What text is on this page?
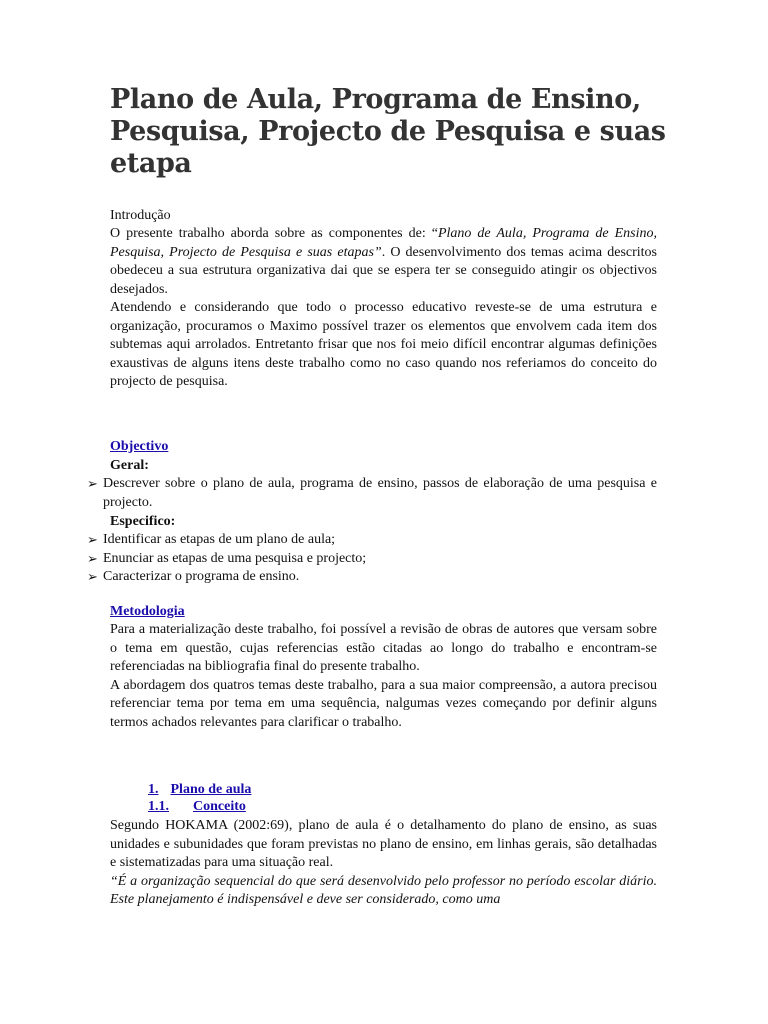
Plano de Aula, Programa de Ensino, Pesquisa, Projecto de Pesquisa e suas etapa

Introdução

O presente trabalho aborda sobre as componentes de: “Plano de Aula, Programa de Ensino, Pesquisa, Projecto de Pesquisa e suas etapas”. O desenvolvimento dos temas acima descritos obedeceu a sua estrutura organizativa dai que se espera ter se conseguido atingir os objectivos desejados.

Atendendo e considerando que todo o processo educativo reveste-se de uma estrutura e organização, procuramos o Maximo possível trazer os elementos que envolvem cada item dos subtemas aqui arrolados. Entretanto frisar que nos foi meio difícil encontrar algumas definições exaustivas de alguns itens deste trabalho como no caso quando nos referiamos do conceito do projecto de pesquisa.

Objectivo
Geral:
➢ Descrever sobre o plano de aula, programa de ensino, passos de elaboração de uma pesquisa e projecto.
Especifico:
➢ Identificar as etapas de um plano de aula;
➢ Enunciar as etapas de uma pesquisa e projecto;
➢ Caracterizar o programa de ensino.

Metodologia

Para a materialização deste trabalho, foi possível a revisão de obras de autores que versam sobre o tema em questão, cujas referencias estão citadas ao longo do trabalho e encontram-se referenciadas na bibliografia final do presente trabalho.

A abordagem dos quatros temas deste trabalho, para a sua maior compreensão, a autora precisou referenciar tema por tema em uma sequência, nalgumas vezes começando por definir alguns termos achados relevantes para clarificar o trabalho.

1. Plano de aula
1.1. Conceito

Segundo HOKAMA (2002:69), plano de aula é o detalhamento do plano de ensino, as suas unidades e subunidades que foram previstas no plano de ensino, em linhas gerais, são detalhadas e sistematizadas para uma situação real.

“É a organização sequencial do que será desenvolvido pelo professor no período escolar diário. Este planejamento é indispensável e deve ser considerado, como uma
